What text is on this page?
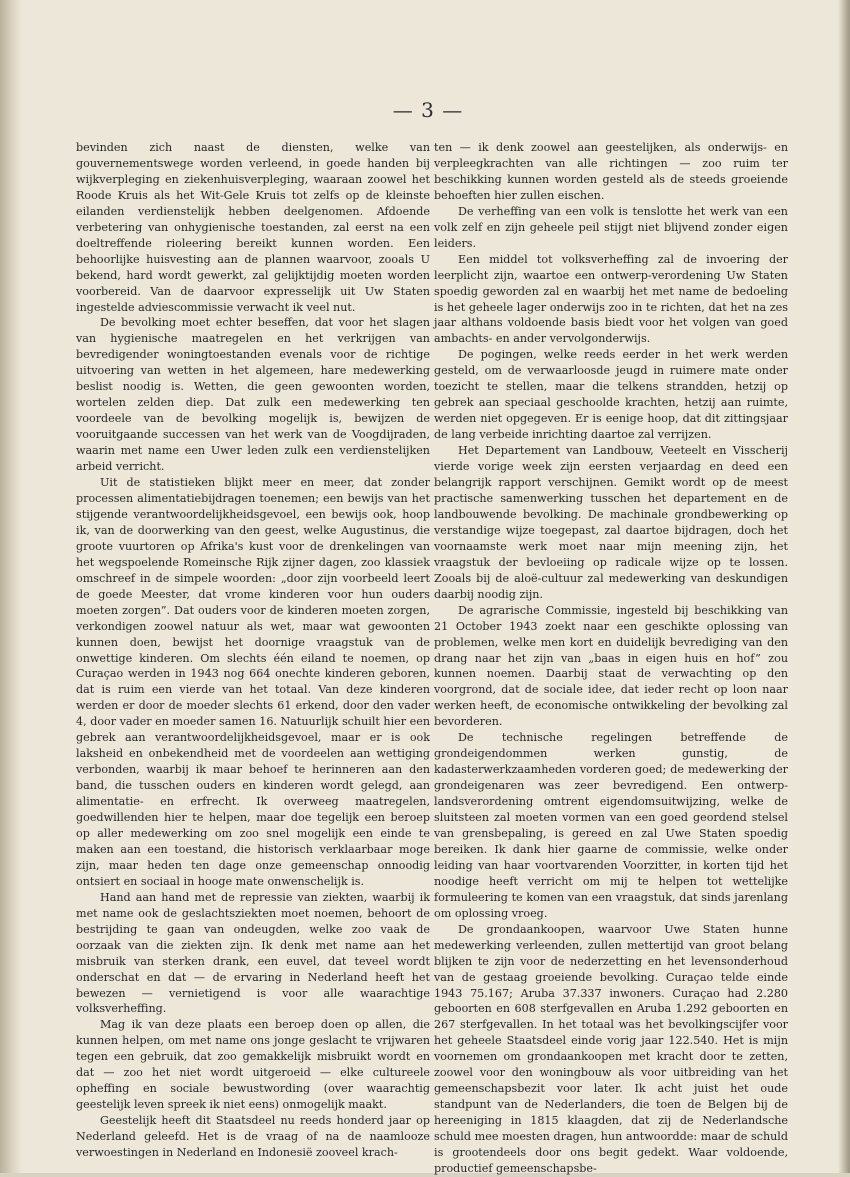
— 3 —

bevinden zich naast de diensten, welke van gouvernementswege worden verleend, in goede handen bij wijkverpleging en ziekenhuisverpleging, waaraan zoowel het Roode Kruis als het Wit-Gele Kruis tot zelfs op de kleinste eilanden verdienstelijk hebben deelgenomen. Afdoende verbetering van onhygienische toestanden, zal eerst na een doeltreffende rioleering bereikt kunnen worden. Een behoorlijke huisvesting aan de plannen waarvoor, zooals U bekend, hard wordt gewerkt, zal gelijktijdig moeten worden voorbereid. Van de daarvoor expresselijk uit Uw Staten ingestelde adviescommissie verwacht ik veel nut.

De bevolking moet echter beseffen, dat voor het slagen van hygienische maatregelen en het verkrijgen van bevredigender woningtoestanden evenals voor de richtige uitvoering van wetten in het algemeen, hare medewerking beslist noodig is. Wetten, die geen gewoonten worden, wortelen zelden diep. Dat zulk een medewerking ten voordeele van de bevolking mogelijk is, bewijzen de vooruitgaande successen van het werk van de Voogdijraden, waarin met name een Uwer leden zulk een verdienstelijken arbeid verricht.

Uit de statistieken blijkt meer en meer, dat zonder processen alimentatiebijdragen toenemen; een bewijs van het stijgende verantwoordelijkheidsgevoel, een bewijs ook, hoop ik, van de doorwerking van den geest, welke Augustinus, die groote vuurtoren op Afrika's kust voor de drenkelingen van het wegspoelende Romeinsche Rijk zijner dagen, zoo klassiek omschreef in de simpele woorden: „door zijn voorbeeld leert de goede Meester, dat vrome kinderen voor hun ouders moeten zorgen”. Dat ouders voor de kinderen moeten zorgen, verkondigen zoowel natuur als wet, maar wat gewoonten kunnen doen, bewijst het doornige vraagstuk van de onwettige kinderen. Om slechts één eiland te noemen, op Curaçao werden in 1943 nog 664 onechte kinderen geboren, dat is ruim een vierde van het totaal. Van deze kinderen werden er door de moeder slechts 61 erkend, door den vader 4, door vader en moeder samen 16. Natuurlijk schuilt hier een gebrek aan verantwoordelijkheidsgevoel, maar er is ook laksheid en onbekendheid met de voordeelen aan wettiging verbonden, waarbij ik maar behoef te herinneren aan den band, die tusschen ouders en kinderen wordt gelegd, aan alimentatie- en erfrecht. Ik overweeg maatregelen, goedwillenden hier te helpen, maar doe tegelijk een beroep op aller medewerking om zoo snel mogelijk een einde te maken aan een toestand, die historisch verklaarbaar moge zijn, maar heden ten dage onze gemeenschap onnoodig ontsiert en sociaal in hooge mate onwenschelijk is.

Hand aan hand met de repressie van ziekten, waarbij ik met name ook de geslachtsziekten moet noemen, behoort de bestrijding te gaan van ondeugden, welke zoo vaak de oorzaak van die ziekten zijn. Ik denk met name aan het misbruik van sterken drank, een euvel, dat teveel wordt onderschat en dat — de ervaring in Nederland heeft het bewezen — vernietigend is voor alle waarachtige volksverheffing.

Mag ik van deze plaats een beroep doen op allen, die kunnen helpen, om met name ons jonge geslacht te vrijwaren tegen een gebruik, dat zoo gemakkelijk misbruikt wordt en dat — zoo het niet wordt uitgeroeid — elke cultureele opheffing en sociale bewustwording (over waarachtig geestelijk leven spreek ik niet eens) onmogelijk maakt.

Geestelijk heeft dit Staatsdeel nu reeds honderd jaar op Nederland geleefd. Het is de vraag of na de naamlooze verwoestingen in Nederland en Indonesië zooveel krach-

ten — ik denk zoowel aan geestelijken, als onderwijs- en verpleegkrachten van alle richtingen — zoo ruim ter beschikking kunnen worden gesteld als de steeds groeiende behoeften hier zullen eischen.

De verheffing van een volk is tenslotte het werk van een volk zelf en zijn geheele peil stijgt niet blijvend zonder eigen leiders.

Een middel tot volksverheffing zal de invoering der leerplicht zijn, waartoe een ontwerp-verordening Uw Staten spoedig geworden zal en waarbij het met name de bedoeling is het geheele lager onderwijs zoo in te richten, dat het na zes jaar althans voldoende basis biedt voor het volgen van goed ambachts- en ander vervolgonderwijs.

De pogingen, welke reeds eerder in het werk werden gesteld, om de verwaarloosde jeugd in ruimere mate onder toezicht te stellen, maar die telkens strandden, hetzij op gebrek aan speciaal geschoolde krachten, hetzij aan ruimte, werden niet opgegeven. Er is eenige hoop, dat dit zittingsjaar de lang verbeide inrichting daartoe zal verrijzen.

Het Departement van Landbouw, Veeteelt en Visscherij vierde vorige week zijn eersten verjaardag en deed een belangrijk rapport verschijnen. Gemikt wordt op de meest practische samenwerking tusschen het departement en de landbouwende bevolking. De machinale grondbewerking op verstandige wijze toegepast, zal daartoe bijdragen, doch het voornaamste werk moet naar mijn meening zijn, het vraagstuk der bevloeiing op radicale wijze op te lossen. Zooals bij de aloë-cultuur zal medewerking van deskundigen daarbij noodig zijn.

De agrarische Commissie, ingesteld bij beschikking van 21 October 1943 zoekt naar een geschikte oplossing van problemen, welke men kort en duidelijk bevrediging van den drang naar het zijn van „baas in eigen huis en hof” zou kunnen noemen. Daarbij staat de verwachting op den voorgrond, dat de sociale idee, dat ieder recht op loon naar werken heeft, de economische ontwikkeling der bevolking zal bevorderen.

De technische regelingen betreffende de grondeigendommen werken gunstig, de kadasterwerkzaamheden vorderen goed; de medewerking der grondeigenaren was zeer bevredigend. Een ontwerp-landsverordening omtrent eigendomsuitwijzing, welke de sluitsteen zal moeten vormen van een goed geordend stelsel van grensbepaling, is gereed en zal Uwe Staten spoedig bereiken. Ik dank hier gaarne de commissie, welke onder leiding van haar voortvarenden Voorzitter, in korten tijd het noodige heeft verricht om mij te helpen tot wettelijke formuleering te komen van een vraagstuk, dat sinds jarenlang om oplossing vroeg.

De grondaankoopen, waarvoor Uwe Staten hunne medewerking verleenden, zullen mettertijd van groot belang blijken te zijn voor de nederzetting en het levensonderhoud van de gestaag groeiende bevolking. Curaçao telde einde 1943 75.167; Aruba 37.337 inwoners. Curaçao had 2.280 geboorten en 608 sterfgevallen en Aruba 1.292 geboorten en 267 sterfgevallen. In het totaal was het bevolkingscijfer voor het geheele Staatsdeel einde vorig jaar 122.540. Het is mijn voornemen om grondaankoopen met kracht door te zetten, zoowel voor den woningbouw als voor uitbreiding van het gemeenschapsbezit voor later. Ik acht juist het oude standpunt van de Nederlanders, die toen de Belgen bij de hereeniging in 1815 klaagden, dat zij de Nederlandsche schuld mee moesten dragen, hun antwoordde: maar de schuld is grootendeels door ons begit gedekt. Waar voldoende, productief gemeenschapsbe-
